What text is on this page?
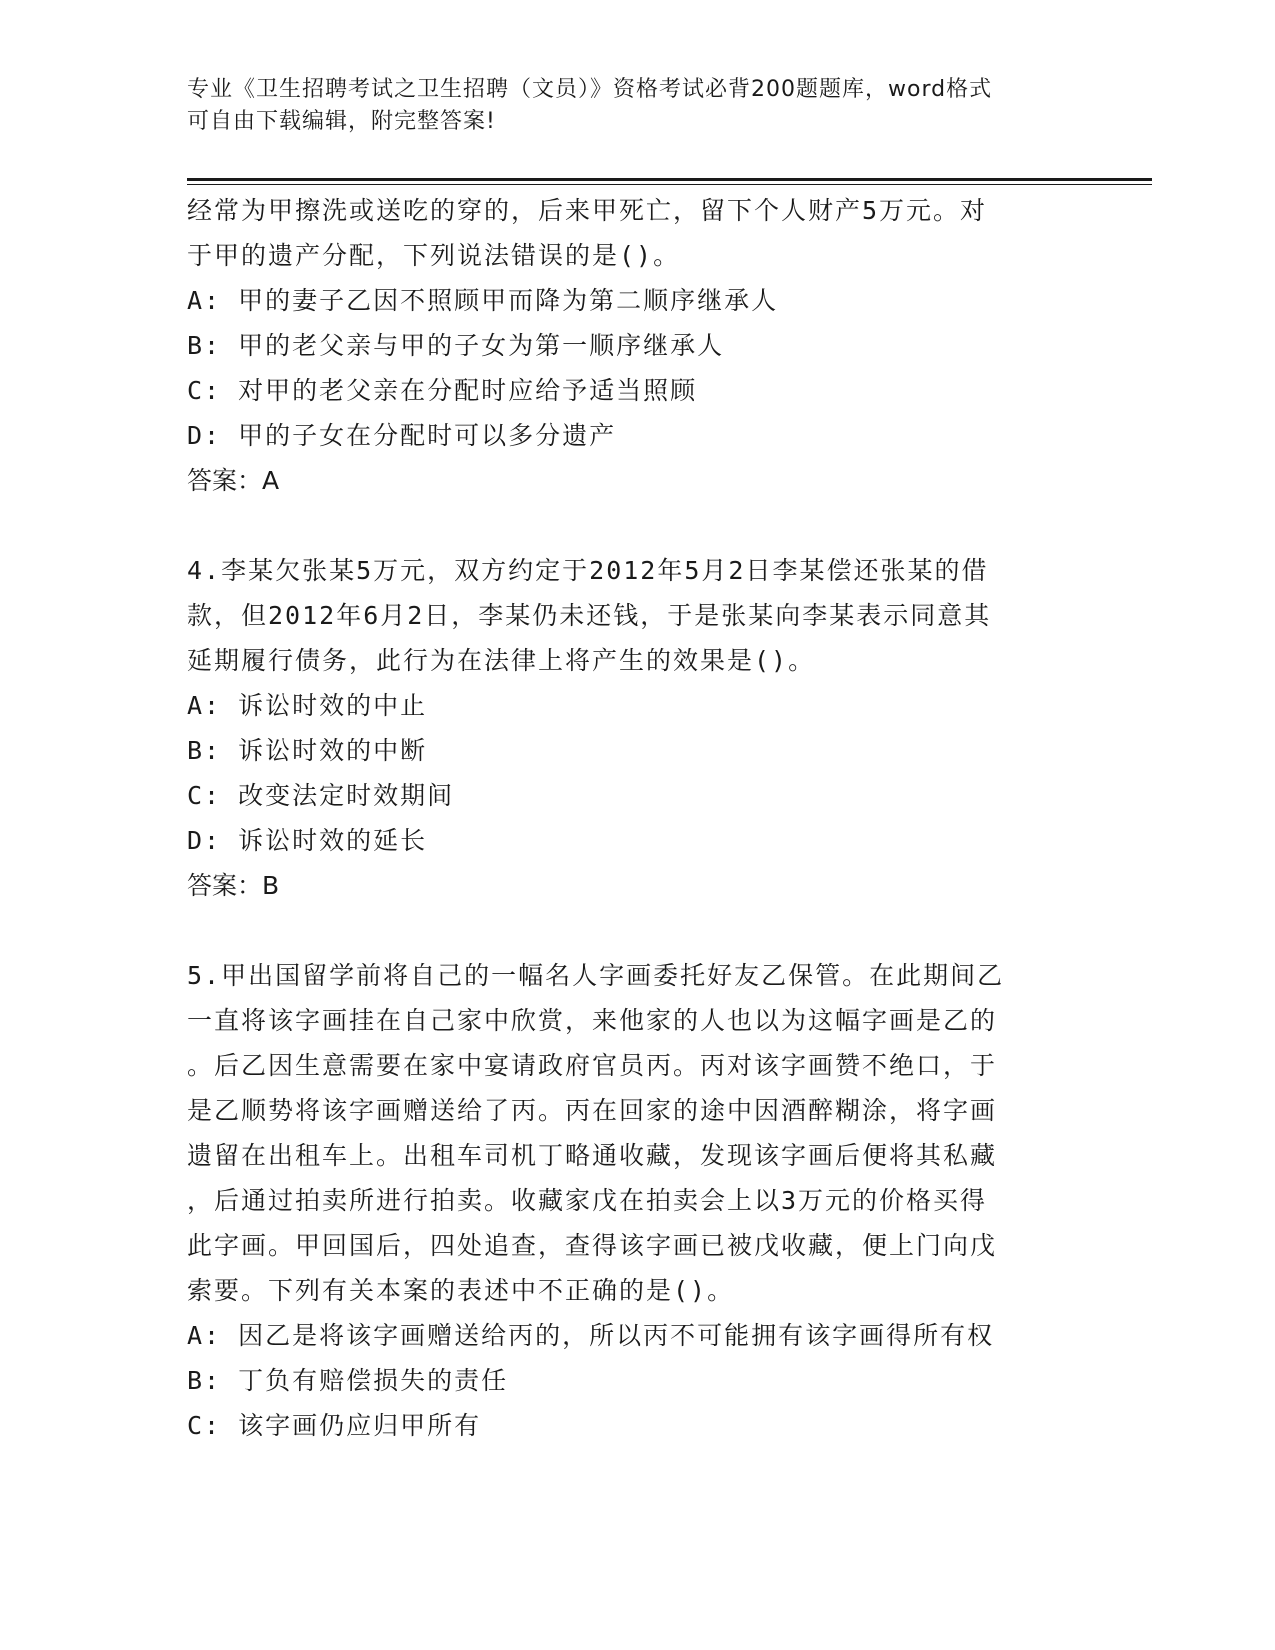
专业《卫生招聘考试之卫生招聘（文员）》资格考试必背200题题库，word格式
可自由下载编辑，附完整答案!
经常为甲擦洗或送吃的穿的，后来甲死亡，留下个人财产5万元。对
于甲的遗产分配，下列说法错误的是()。
A: 甲的妻子乙因不照顾甲而降为第二顺序继承人
B: 甲的老父亲与甲的子女为第一顺序继承人
C: 对甲的老父亲在分配时应给予适当照顾
D: 甲的子女在分配时可以多分遗产
答案：A
4.李某欠张某5万元，双方约定于2012年5月2日李某偿还张某的借
款，但2012年6月2日，李某仍未还钱，于是张某向李某表示同意其
延期履行债务，此行为在法律上将产生的效果是()。
A: 诉讼时效的中止
B: 诉讼时效的中断
C: 改变法定时效期间
D: 诉讼时效的延长
答案：B
5.甲出国留学前将自己的一幅名人字画委托好友乙保管。在此期间乙
一直将该字画挂在自己家中欣赏，来他家的人也以为这幅字画是乙的
。后乙因生意需要在家中宴请政府官员丙。丙对该字画赞不绝口，于
是乙顺势将该字画赠送给了丙。丙在回家的途中因酒醉糊涂，将字画
遗留在出租车上。出租车司机丁略通收藏，发现该字画后便将其私藏
，后通过拍卖所进行拍卖。收藏家戊在拍卖会上以3万元的价格买得
此字画。甲回国后，四处追查，查得该字画已被戊收藏，便上门向戊
索要。下列有关本案的表述中不正确的是()。
A: 因乙是将该字画赠送给丙的，所以丙不可能拥有该字画得所有权
B: 丁负有赔偿损失的责任
C: 该字画仍应归甲所有
